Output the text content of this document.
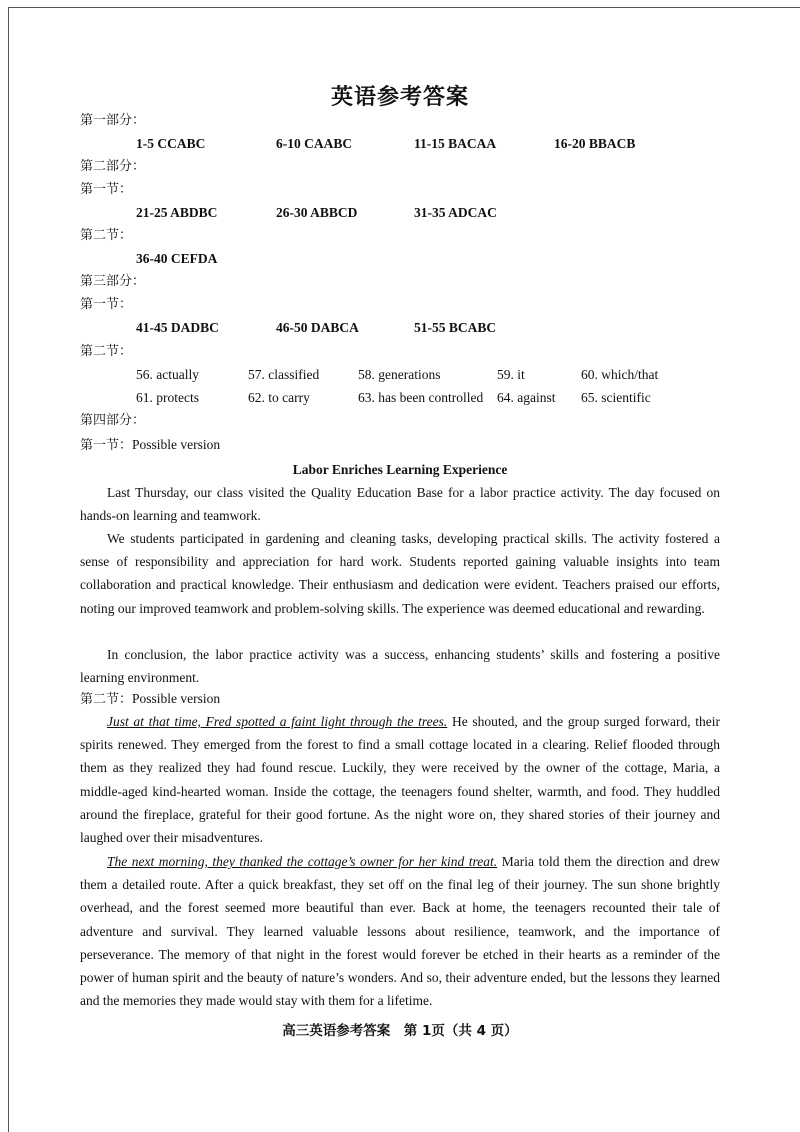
英语参考答案
第一部分：
1-5 CCABC	6-10 CAABC	11-15 BACAA	16-20 BBACB
第二部分：
第一节：
21-25 ABDBC	26-30 ABBCD	31-35 ADCAC
第二节：
36-40 CEFDA
第三部分：
第一节：
41-45 DADBC	46-50 DABCA	51-55 BCABC
第二节：
56. actually	57. classified	58. generations	59. it	60. which/that
61. protects	62. to carry	63. has been controlled 64. against 65. scientific
第四部分：
第一节：Possible version
Labor Enriches Learning Experience
Last Thursday, our class visited the Quality Education Base for a labor practice activity. The day focused on hands-on learning and teamwork.
We students participated in gardening and cleaning tasks, developing practical skills. The activity fostered a sense of responsibility and appreciation for hard work. Students reported gaining valuable insights into team collaboration and practical knowledge. Their enthusiasm and dedication were evident. Teachers praised our efforts, noting our improved teamwork and problem-solving skills. The experience was deemed educational and rewarding.
In conclusion, the labor practice activity was a success, enhancing students’ skills and fostering a positive learning environment.
第二节：Possible version
Just at that time, Fred spotted a faint light through the trees. He shouted, and the group surged forward, their spirits renewed. They emerged from the forest to find a small cottage located in a clearing. Relief flooded through them as they realized they had found rescue. Luckily, they were received by the owner of the cottage, Maria, a middle-aged kind-hearted woman. Inside the cottage, the teenagers found shelter, warmth, and food. They huddled around the fireplace, grateful for their good fortune. As the night wore on, they shared stories of their journey and laughed over their misadventures.
The next morning, they thanked the cottage’s owner for her kind treat. Maria told them the direction and drew them a detailed route. After a quick breakfast, they set off on the final leg of their journey. The sun shone brightly overhead, and the forest seemed more beautiful than ever. Back at home, the teenagers recounted their tale of adventure and survival. They learned valuable lessons about resilience, teamwork, and the importance of perseverance. The memory of that night in the forest would forever be etched in their hearts as a reminder of the power of human spirit and the beauty of nature’s wonders. And so, their adventure ended, but the lessons they learned and the memories they made would stay with them for a lifetime.
高三英语参考答案　第 1页（共 4 页）
